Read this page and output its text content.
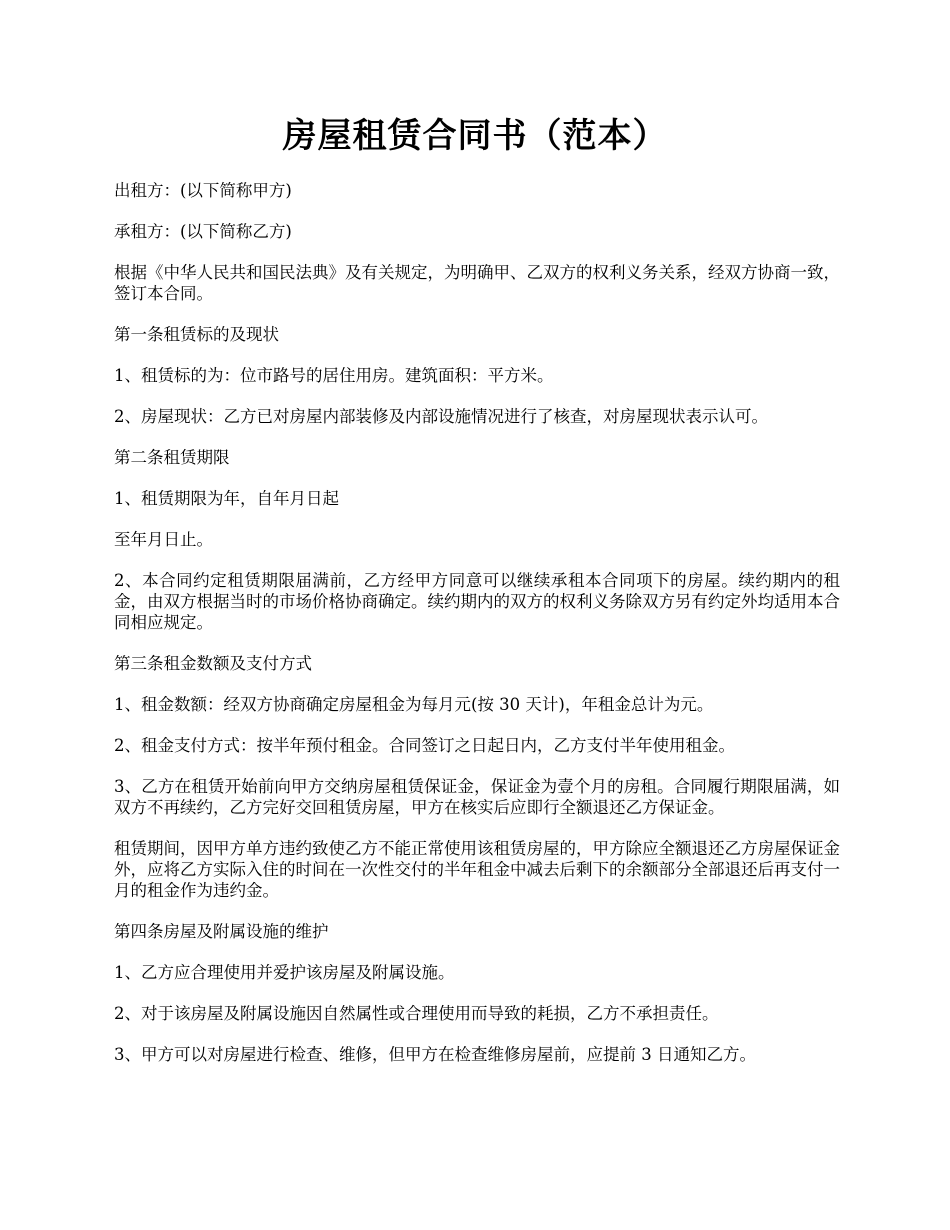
房屋租赁合同书（范本）

出租方：(以下简称甲方)

承租方：(以下简称乙方)

根据《中华人民共和国民法典》及有关规定，为明确甲、乙双方的权利义务关系，经双方协商一致，签订本合同。

第一条租赁标的及现状

1、租赁标的为：位市路号的居住用房。建筑面积：平方米。

2、房屋现状：乙方已对房屋内部装修及内部设施情况进行了核查，对房屋现状表示认可。

第二条租赁期限

1、租赁期限为年，自年月日起

至年月日止。

2、本合同约定租赁期限届满前，乙方经甲方同意可以继续承租本合同项下的房屋。续约期内的租金，由双方根据当时的市场价格协商确定。续约期内的双方的权利义务除双方另有约定外均适用本合同相应规定。

第三条租金数额及支付方式

1、租金数额：经双方协商确定房屋租金为每月元(按 30 天计)，年租金总计为元。

2、租金支付方式：按半年预付租金。合同签订之日起日内，乙方支付半年使用租金。

3、乙方在租赁开始前向甲方交纳房屋租赁保证金，保证金为壹个月的房租。合同履行期限届满，如双方不再续约，乙方完好交回租赁房屋，甲方在核实后应即行全额退还乙方保证金。

租赁期间，因甲方单方违约致使乙方不能正常使用该租赁房屋的，甲方除应全额退还乙方房屋保证金外，应将乙方实际入住的时间在一次性交付的半年租金中减去后剩下的余额部分全部退还后再支付一月的租金作为违约金。

第四条房屋及附属设施的维护

1、乙方应合理使用并爱护该房屋及附属设施。

2、对于该房屋及附属设施因自然属性或合理使用而导致的耗损，乙方不承担责任。

3、甲方可以对房屋进行检查、维修，但甲方在检查维修房屋前，应提前 3 日通知乙方。
